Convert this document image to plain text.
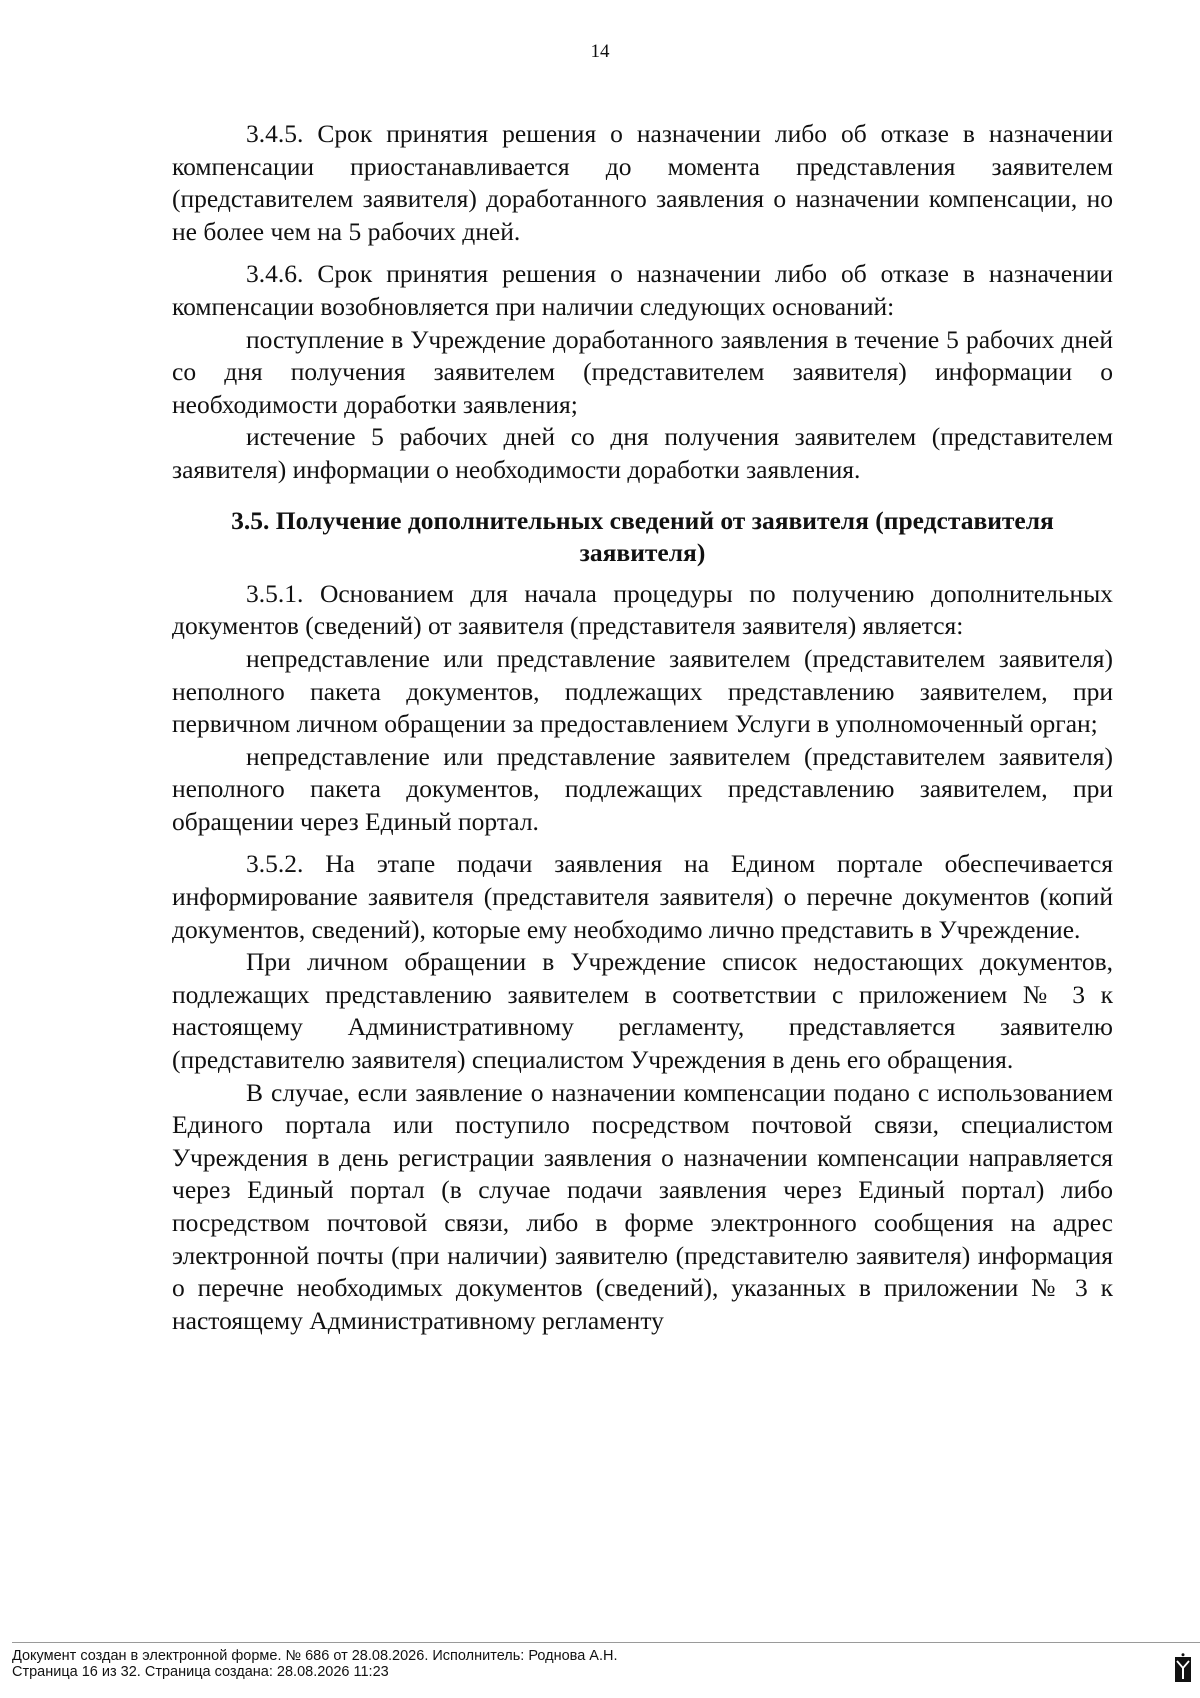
14

3.4.5. Срок принятия решения о назначении либо об отказе в назначении компенсации приостанавливается до момента представления заявителем (представителем заявителя) доработанного заявления о назначении компенсации, но не более чем на 5 рабочих дней.

3.4.6. Срок принятия решения о назначении либо об отказе в назначении компенсации возобновляется при наличии следующих оснований:

поступление в Учреждение доработанного заявления в течение 5 рабочих дней со дня получения заявителем (представителем заявителя) информации о необходимости доработки заявления;

истечение 5 рабочих дней со дня получения заявителем (представителем заявителя) информации о необходимости доработки заявления.

3.5. Получение дополнительных сведений от заявителя (представителя заявителя)

3.5.1. Основанием для начала процедуры по получению дополнительных документов (сведений) от заявителя (представителя заявителя) является:

непредставление или представление заявителем (представителем заявителя) неполного пакета документов, подлежащих представлению заявителем, при первичном личном обращении за предоставлением Услуги в уполномоченный орган;

непредставление или представление заявителем (представителем заявителя) неполного пакета документов, подлежащих представлению заявителем, при обращении через Единый портал.

3.5.2. На этапе подачи заявления на Едином портале обеспечивается информирование заявителя (представителя заявителя) о перечне документов (копий документов, сведений), которые ему необходимо лично представить в Учреждение.

При личном обращении в Учреждение список недостающих документов, подлежащих представлению заявителем в соответствии с приложением № 3 к настоящему Административному регламенту, представляется заявителю (представителю заявителя) специалистом Учреждения в день его обращения.

В случае, если заявление о назначении компенсации подано с использованием Единого портала или поступило посредством почтовой связи, специалистом Учреждения в день регистрации заявления о назначении компенсации направляется через Единый портал (в случае подачи заявления через Единый портал) либо посредством почтовой связи, либо в форме электронного сообщения на адрес электронной почты (при наличии) заявителю (представителю заявителя) информация о перечне необходимых документов (сведений), указанных в приложении № 3 к настоящему Административному регламенту

Документ создан в электронной форме. № 686 от 28.08.2026. Исполнитель: Роднова А.Н.
Страница 16 из 32. Страница создана: 28.08.2026 11:23
